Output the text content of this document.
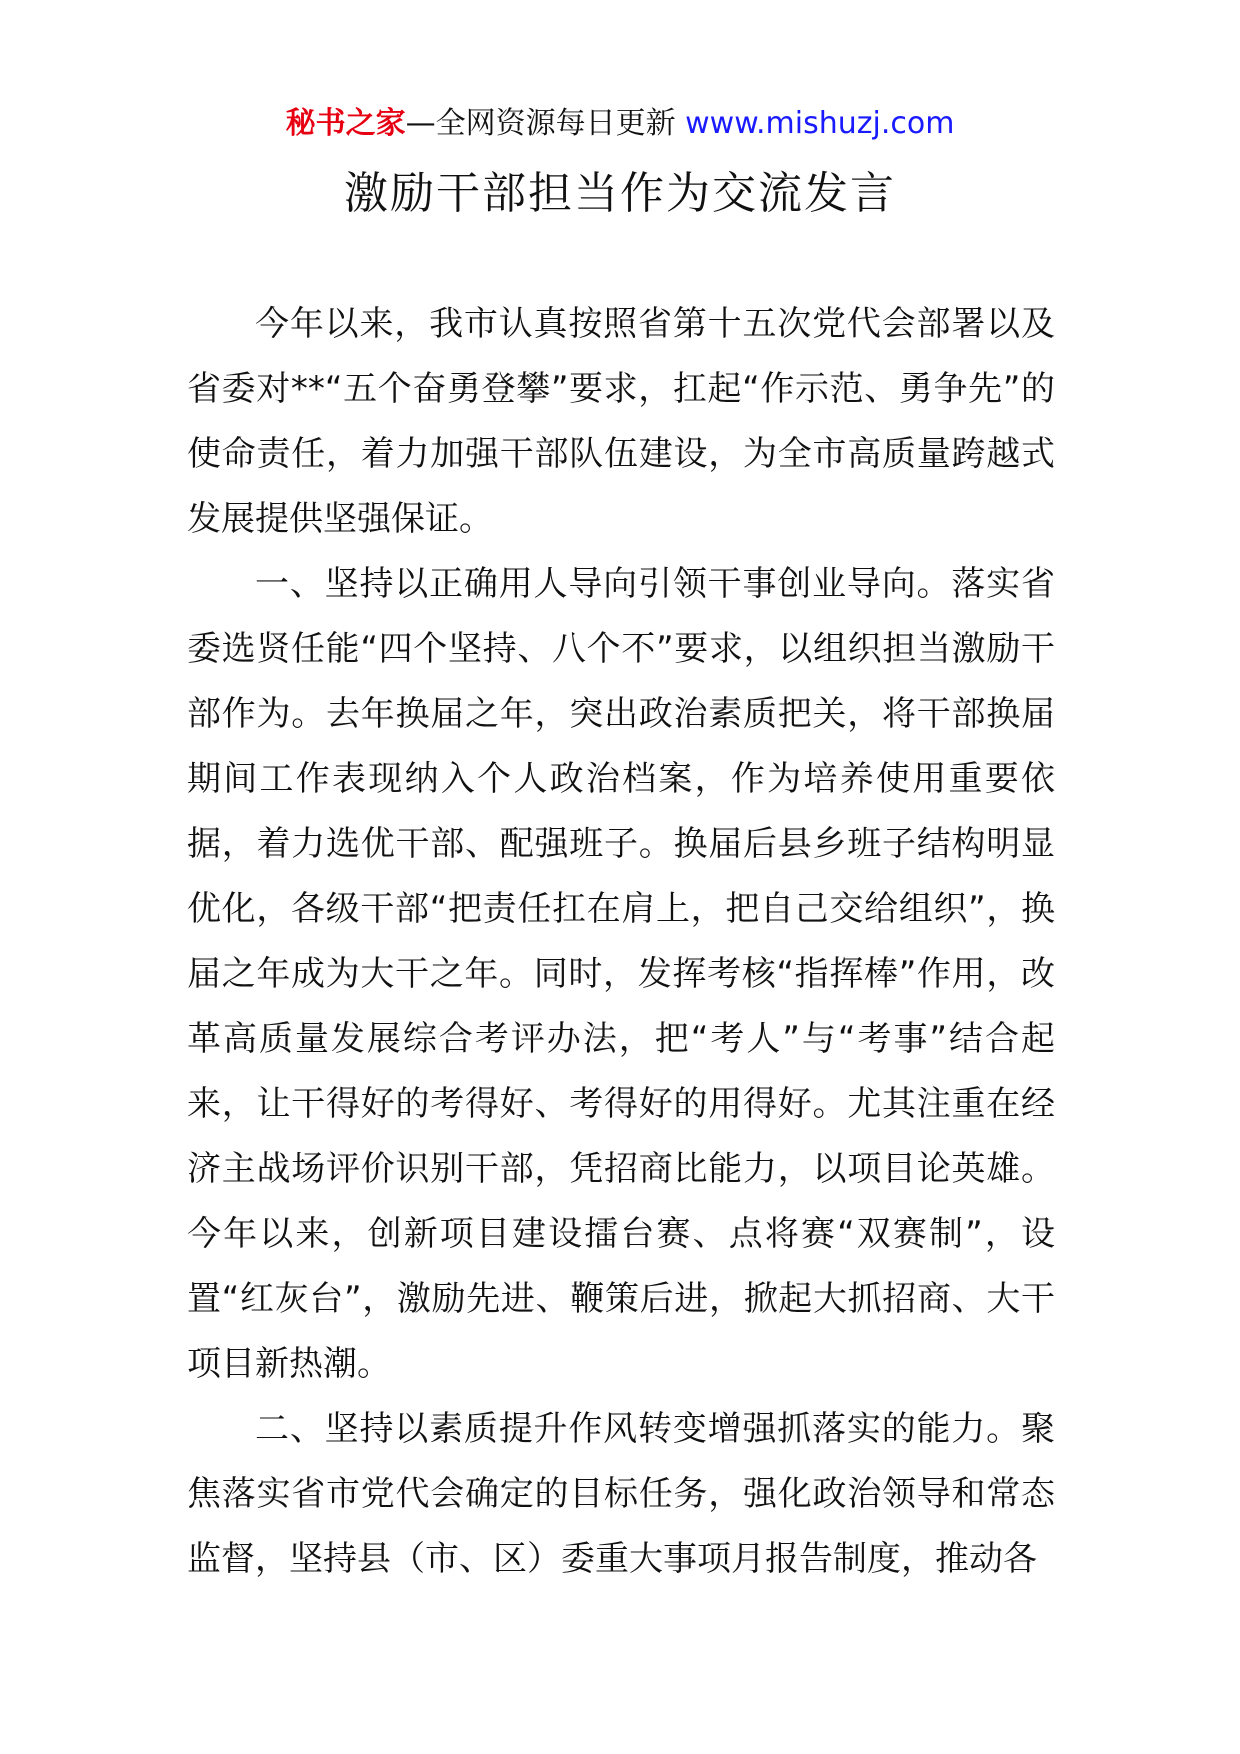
秘书之家—全网资源每日更新 www.mishuzj.com
激励干部担当作为交流发言

今年以来，我市认真按照省第十五次党代会部署以及省委对**“五个奋勇登攀”要求，扛起“作示范、勇争先”的使命责任，着力加强干部队伍建设，为全市高质量跨越式发展提供坚强保证。

一、坚持以正确用人导向引领干事创业导向。落实省委选贤任能“四个坚持、八个不”要求，以组织担当激励干部作为。去年换届之年，突出政治素质把关，将干部换届期间工作表现纳入个人政治档案，作为培养使用重要依据，着力选优干部、配强班子。换届后县乡班子结构明显优化，各级干部“把责任扛在肩上，把自己交给组织”，换届之年成为大干之年。同时，发挥考核“指挥棒”作用，改革高质量发展综合考评办法，把“考人”与“考事”结合起来，让干得好的考得好、考得好的用得好。尤其注重在经济主战场评价识别干部，凭招商比能力，以项目论英雄。今年以来，创新项目建设擂台赛、点将赛“双赛制”，设置“红灰台”，激励先进、鞭策后进，掀起大抓招商、大干项目新热潮。

二、坚持以素质提升作风转变增强抓落实的能力。聚焦落实省市党代会确定的目标任务，强化政治领导和常态监督，坚持县（市、区）委重大事项月报告制度，推动各
